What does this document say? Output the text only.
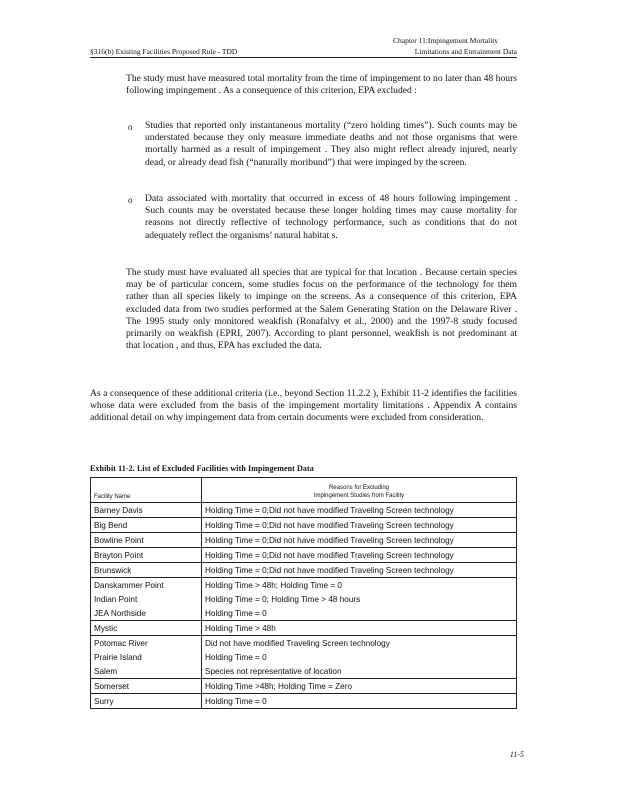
Chapter 11:Impingement Mortality
§316(b) Existing Facilities Proposed Rule - TDD	Limitations and Entrainment Data
The study must have measured total mortality from the time of impingement to no later than 48 hours following impingement . As a consequence of this criterion, EPA excluded :
o Studies that reported only instantaneous mortality (“zero holding times”). Such counts may be understated because they only measure immediate deaths and not those organisms that were mortally harmed as a result of impingement . They also might reflect already injured, nearly dead, or already dead fish (“naturally moribund”) that were impinged by the screen.
o Data associated with mortality that occurred in excess of 48 hours following impingement . Such counts may be overstated because these longer holding times may cause mortality for reasons not directly reflective of technology performance, such as conditions that do not adequately reflect the organisms’ natural habitat s.
The study must have evaluated all species that are typical for that location . Because certain species may be of particular concern, some studies focus on the performance of the technology for them rather than all species likely to impinge on the screens. As a consequence of this criterion, EPA excluded data from two studies performed at the Salem Generating Station on the Delaware River . The 1995 study only monitored weakfish (Ronafalvy et al., 2000) and the 1997-8 study focused primarily on weakfish (EPRI, 2007). According to plant personnel, weakfish is not predominant at that location , and thus, EPA has excluded the data.
As a consequence of these additional criteria (i.e., beyond Section 11.2.2 ), Exhibit 11-2 identifies the facilities whose data were excluded from the basis of the impingement mortality limitations . Appendix A contains additional detail on why impingement data from certain documents were excluded from consideration.
Exhibit 11-2. List of Excluded Facilities with Impingement Data
Facility Name	Reasons for Excluding
Impingement Studies from Facility

Barney Davis	Holding Time = 0;Did not have modified Traveling Screen technology
Big Bend	Holding Time = 0;Did not have modified Traveling Screen technology
Bowline Point	Holding Time = 0;Did not have modified Traveling Screen technology
Brayton Point	Holding Time = 0;Did not have modified Traveling Screen technology
Brunswick	Holding Time = 0;Did not have modified Traveling Screen technology
Danskammer Point	Holding Time > 48h; Holding Time = 0
Indian Point	Holding Time = 0; Holding Time > 48 hours
JEA Northside	Holding Time = 0
Mystic	Holding Time > 48h
Potomac River	Did not have modified Traveling Screen technology
Prairie Island	Holding Time = 0
Salem	Species not representative of location
Somerset	Holding Time >48h; Holding Time = Zero
Surry	Holding Time = 0
11-5
